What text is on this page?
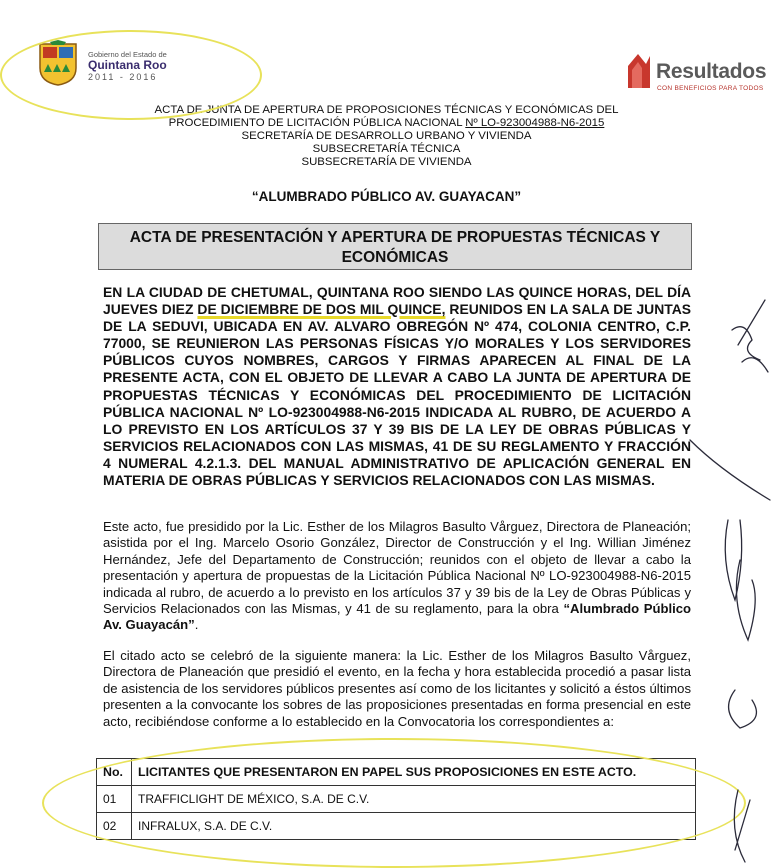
Gobierno del Estado de
Quintana Roo
2011 - 2016	Resultados
CON BENEFICIOS PARA TODOS
ACTA DE JUNTA DE APERTURA DE PROPOSICIONES TÉCNICAS Y ECONÓMICAS DEL
PROCEDIMIENTO DE LICITACIÓN PÚBLICA NACIONAL Nº LO-923004988-N6-2015
SECRETARÍA DE DESARROLLO URBANO Y VIVIENDA
SUBSECRETARÍA TÉCNICA
SUBSECRETARÍA DE VIVIENDA
“ALUMBRADO PÚBLICO AV. GUAYACAN”
ACTA DE PRESENTACIÓN Y APERTURA DE PROPUESTAS TÉCNICAS Y
ECONÓMICAS
EN LA CIUDAD DE CHETUMAL, QUINTANA ROO SIENDO LAS QUINCE HORAS, DEL DÍA JUEVES DIEZ DE DICIEMBRE DE DOS MIL QUINCE, REUNIDOS EN LA SALA DE JUNTAS DE LA SEDUVI, UBICADA EN AV. ALVARO OBREGÓN Nº 474, COLONIA CENTRO, C.P. 77000, SE REUNIERON LAS PERSONAS FÍSICAS Y/O MORALES Y LOS SERVIDORES PÚBLICOS CUYOS NOMBRES, CARGOS Y FIRMAS APARECEN AL FINAL DE LA PRESENTE ACTA, CON EL OBJETO DE LLEVAR A CABO LA JUNTA DE APERTURA DE PROPUESTAS TÉCNICAS Y ECONÓMICAS DEL PROCEDIMIENTO DE LICITACIÓN PÚBLICA NACIONAL Nº LO-923004988-N6-2015 INDICADA AL RUBRO, DE ACUERDO A LO PREVISTO EN LOS ARTÍCULOS 37 Y 39 BIS DE LA LEY DE OBRAS PÚBLICAS Y SERVICIOS RELACIONADOS CON LAS MISMAS, 41 DE SU REGLAMENTO Y FRACCIÓN 4 NUMERAL 4.2.1.3. DEL MANUAL ADMINISTRATIVO DE APLICACIÓN GENERAL EN MATERIA DE OBRAS PÚBLICAS Y SERVICIOS RELACIONADOS CON LAS MISMAS.
Este acto, fue presidido por la Lic. Esther de los Milagros Basulto Vårguez, Directora de Planeación; asistida por el Ing. Marcelo Osorio González, Director de Construcción y el Ing. Willian Jiménez Hernández, Jefe del Departamento de Construcción; reunidos con el objeto de llevar a cabo la presentación y apertura de propuestas de la Licitación Pública Nacional Nº LO-923004988-N6-2015 indicada al rubro, de acuerdo a lo previsto en los artículos 37 y 39 bis de la Ley de Obras Públicas y Servicios Relacionados con las Mismas, y 41 de su reglamento, para la obra “Alumbrado Público Av. Guayacán”.
El citado acto se celebró de la siguiente manera: la Lic. Esther de los Milagros Basulto Vårguez, Directora de Planeación que presidió el evento, en la fecha y hora establecida procedió a pasar lista de asistencia de los servidores públicos presentes así como de los licitantes y solicitó a éstos últimos presenten a la convocante los sobres de las proposiciones presentadas en forma presencial en este acto, recibiéndose conforme a lo establecido en la Convocatoria los correspondientes a:
No.	LICITANTES QUE PRESENTARON EN PAPEL SUS PROPOSICIONES EN ESTE ACTO.
01	TRAFFICLIGHT DE MÉXICO, S.A. DE C.V.
02	INFRALUX, S.A. DE C.V.
